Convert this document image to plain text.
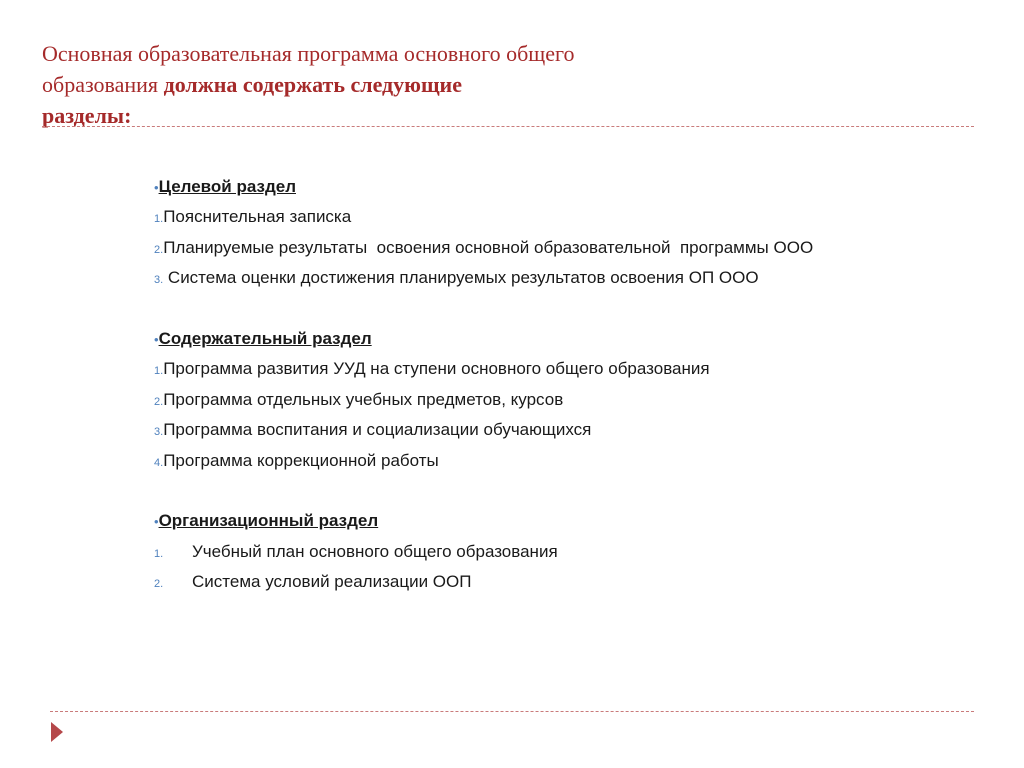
Основная образовательная программа основного общего
образования должна содержать следующие
разделы:
•Целевой раздел
1.Пояснительная записка
2.Планируемые результаты  освоения основной образовательной  программы ООО
3. Система оценки достижения планируемых результатов освоения ОП ООО
•Содержательный раздел
1.Программа развития УУД на ступени основного общего образования
2.Программа отдельных учебных предметов, курсов
3.Программа воспитания и социализации обучающихся
4.Программа коррекционной работы
•Организационный раздел
1. Учебный план основного общего образования
2. Система условий реализации ООП
